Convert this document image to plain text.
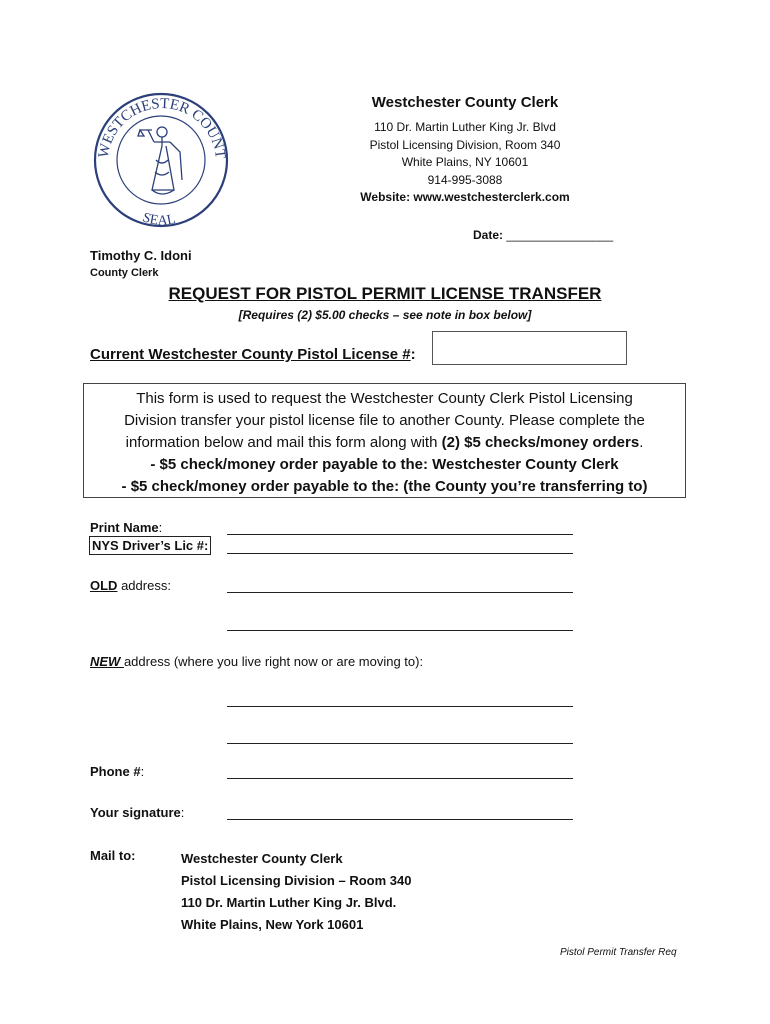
WESTCHESTER COUNT
SEAL
Westchester County Clerk
110 Dr. Martin Luther King Jr. Blvd
Pistol Licensing Division, Room 340
White Plains, NY 10601
914-995-3088
Website: www.westchesterclerk.com
Date: ________________
Timothy C. Idoni
County Clerk
REQUEST FOR PISTOL PERMIT LICENSE TRANSFER
[Requires (2) $5.00 checks – see note in box below]
Current Westchester County Pistol License #:
This form is used to request the Westchester County Clerk Pistol Licensing
Division transfer your pistol license file to another County. Please complete the
information below and mail this form along with (2) $5 checks/money orders.
- $5 check/money order payable to the: Westchester County Clerk
- $5 check/money order payable to the: (the County you’re transferring to)
Print Name:
NYS Driver’s Lic #:
OLD address:
NEW address (where you live right now or are moving to):
Phone #:
Your signature:
Mail to:	Westchester County Clerk
Pistol Licensing Division – Room 340
110 Dr. Martin Luther King Jr. Blvd.
White Plains, New York 10601
Pistol Permit Transfer Req
